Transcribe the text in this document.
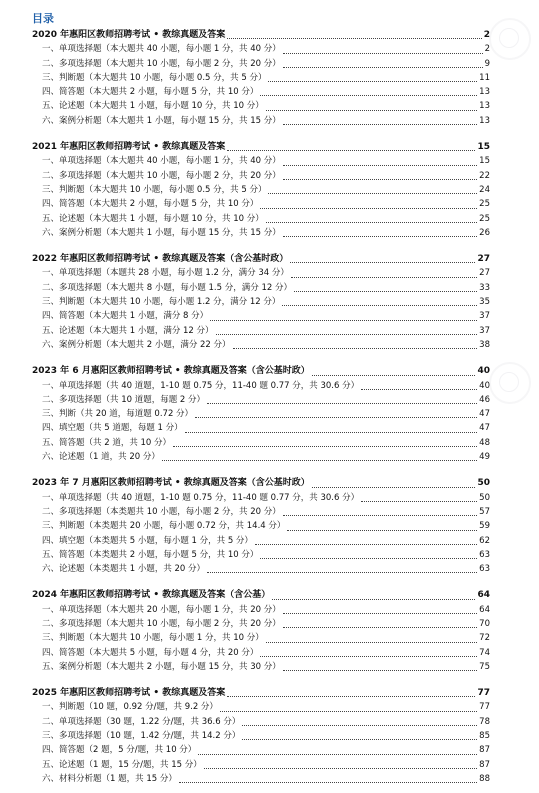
目录
2020 年惠阳区教师招聘考试 • 教综真题及答案	2
一、单项选择题（本大题共 40 小题，每小题 1 分，共 40 分）	2
二、多项选择题（本大题共 10 小题，每小题 2 分，共 20 分）	9
三、判断题（本大题共 10 小题，每小题 0.5 分，共 5 分）	11
四、简答题（本大题共 2 小题，每小题 5 分，共 10 分）	13
五、论述题（本大题共 1 小题，每小题 10 分，共 10 分）	13
六、案例分析题（本大题共 1 小题，每小题 15 分，共 15 分）	13
2021 年惠阳区教师招聘考试 • 教综真题及答案	15
一、单项选择题（本大题共 40 小题，每小题 1 分，共 40 分）	15
二、多项选择题（本大题共 10 小题，每小题 2 分，共 20 分）	22
三、判断题（本大题共 10 小题，每小题 0.5 分，共 5 分）	24
四、简答题（本大题共 2 小题，每小题 5 分，共 10 分）	25
五、论述题（本大题共 1 小题，每小题 10 分，共 10 分）	25
六、案例分析题（本大题共 1 小题，每小题 15 分，共 15 分）	26
2022 年惠阳区教师招聘考试 • 教综真题及答案（含公基时政）	27
一、单项选择题（本题共 28 小题，每小题 1.2 分，满分 34 分）	27
二、多项选择题（本大题共 8 小题，每小题 1.5 分，满分 12 分）	33
三、判断题（本大题共 10 小题，每小题 1.2 分，满分 12 分）	35
四、简答题（本大题共 1 小题，满分 8 分）	37
五、论述题（本大题共 1 小题，满分 12 分）	37
六、案例分析题（本大题共 2 小题，满分 22 分）	38
2023 年 6 月惠阳区教师招聘考试 • 教综真题及答案（含公基时政）	40
一、单项选择题（共 40 道题，1-10 题 0.75 分，11-40 题 0.77 分，共 30.6 分）	40
二、多项选择题（共 10 道题，每题 2 分）	46
三、判断（共 20 道，每道题 0.72 分）	47
四、填空题（共 5 道题，每题 1 分）	47
五、简答题（共 2 道，共 10 分）	48
六、论述题（1 道，共 20 分）	49
2023 年 7 月惠阳区教师招聘考试 • 教综真题及答案（含公基时政）	50
一、单项选择题（共 40 道题，1-10 题 0.75 分，11-40 题 0.77 分，共 30.6 分）	50
二、多项选择题（本类题共 10 小题，每小题 2 分，共 20 分）	57
三、判断题（本类题共 20 小题，每小题 0.72 分，共 14.4 分）	59
四、填空题（本类题共 5 小题，每小题 1 分，共 5 分）	62
五、简答题（本类题共 2 小题，每小题 5 分，共 10 分）	63
六、论述题（本类题共 1 小题，共 20 分）	63
2024 年惠阳区教师招聘考试 • 教综真题及答案（含公基）	64
一、单项选择题（本大题共 20 小题，每小题 1 分，共 20 分）	64
二、多项选择题（本大题共 10 小题，每小题 2 分，共 20 分）	70
三、判断题（本大题共 10 小题，每小题 1 分，共 10 分）	72
四、简答题（本大题共 5 小题，每小题 4 分，共 20 分）	74
五、案例分析题（本大题共 2 小题，每小题 15 分，共 30 分）	75
2025 年惠阳区教师招聘考试 • 教综真题及答案	77
一、判断题（10 题，0.92 分/题，共 9.2 分）	77
二、单项选择题（30 题，1.22 分/题，共 36.6 分）	78
三、多项选择题（10 题，1.42 分/题，共 14.2 分）	85
四、简答题（2 题，5 分/题，共 10 分）	87
五、论述题（1 题，15 分/题，共 15 分）	87
六、材料分析题（1 题，共 15 分）	88
